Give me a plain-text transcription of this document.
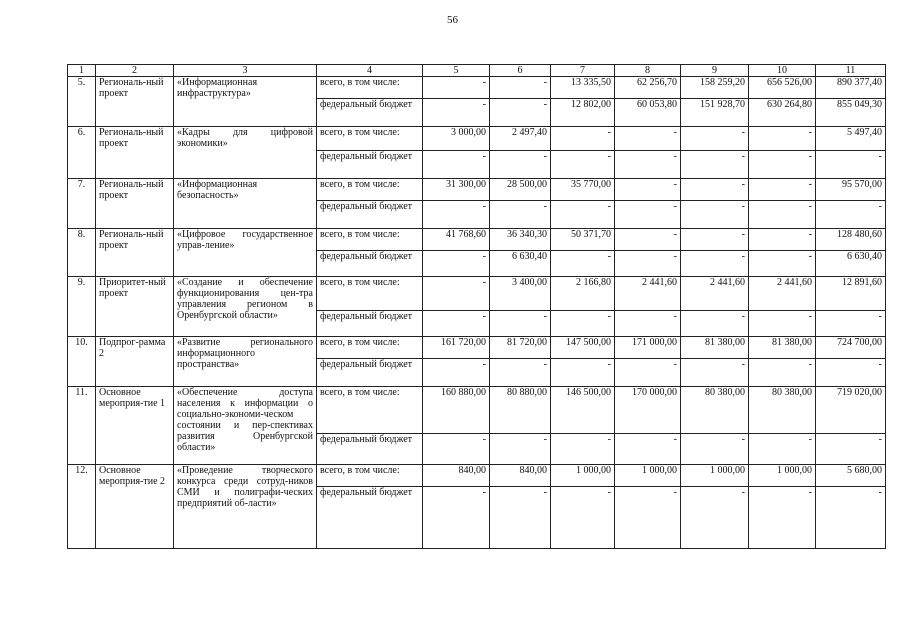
56
1	2	3	4	5	6	7	8	9	10	11
5.	Региональ-ный проект	«Информационная инфраструктура»	всего, в том числе:	-	-	13 335,50	62 256,70	158 259,20	656 526,00	890 377,40
			федеральный бюджет	-	-	12 802,00	60 053,80	151 928,70	630 264,80	855 049,30
6.	Региональ-ный проект	«Кадры для цифровой экономики»	всего, в том числе:	3 000,00	2 497,40	-	-	-	-	5 497,40
			федеральный бюджет	-	-	-	-	-	-	-
7.	Региональ-ный проект	«Информационная безопасность»	всего, в том числе:	31 300,00	28 500,00	35 770,00	-	-	-	95 570,00
			федеральный бюджет	-	-	-	-	-	-	-
8.	Региональ-ный проект	«Цифровое государственное управ-ление»	всего, в том числе:	41 768,60	36 340,30	50 371,70	-	-	-	128 480,60
			федеральный бюджет	-	6 630,40	-	-	-	-	6 630,40
9.	Приоритет-ный проект	«Создание и обеспечение функционирования цен-тра управления регионом в Оренбургской области»	всего, в том числе:	-	3 400,00	2 166,80	2 441,60	2 441,60	2 441,60	12 891,60
			федеральный бюджет	-	-	-	-	-	-	-
10.	Подпрог-рамма 2	«Развитие регионального информационного пространства»	всего, в том числе:	161 720,00	81 720,00	147 500,00	171 000,00	81 380,00	81 380,00	724 700,00
			федеральный бюджет	-	-	-	-	-	-	-
11.	Основное мероприя-тие 1	«Обеспечение доступа населения к информации о социально-экономи-ческом состоянии и пер-спективах развития Оренбургской области»	всего, в том числе:	160 880,00	80 880,00	146 500,00	170 000,00	80 380,00	80 380,00	719 020,00
			федеральный бюджет	-	-	-	-	-	-	-
12.	Основное мероприя-тие 2	«Проведение творческого конкурса среди сотруд-ников СМИ и полиграфи-ческих предприятий об-ласти»	всего, в том числе:	840,00	840,00	1 000,00	1 000,00	1 000,00	1 000,00	5 680,00
			федеральный бюджет	-	-	-	-	-	-	-
